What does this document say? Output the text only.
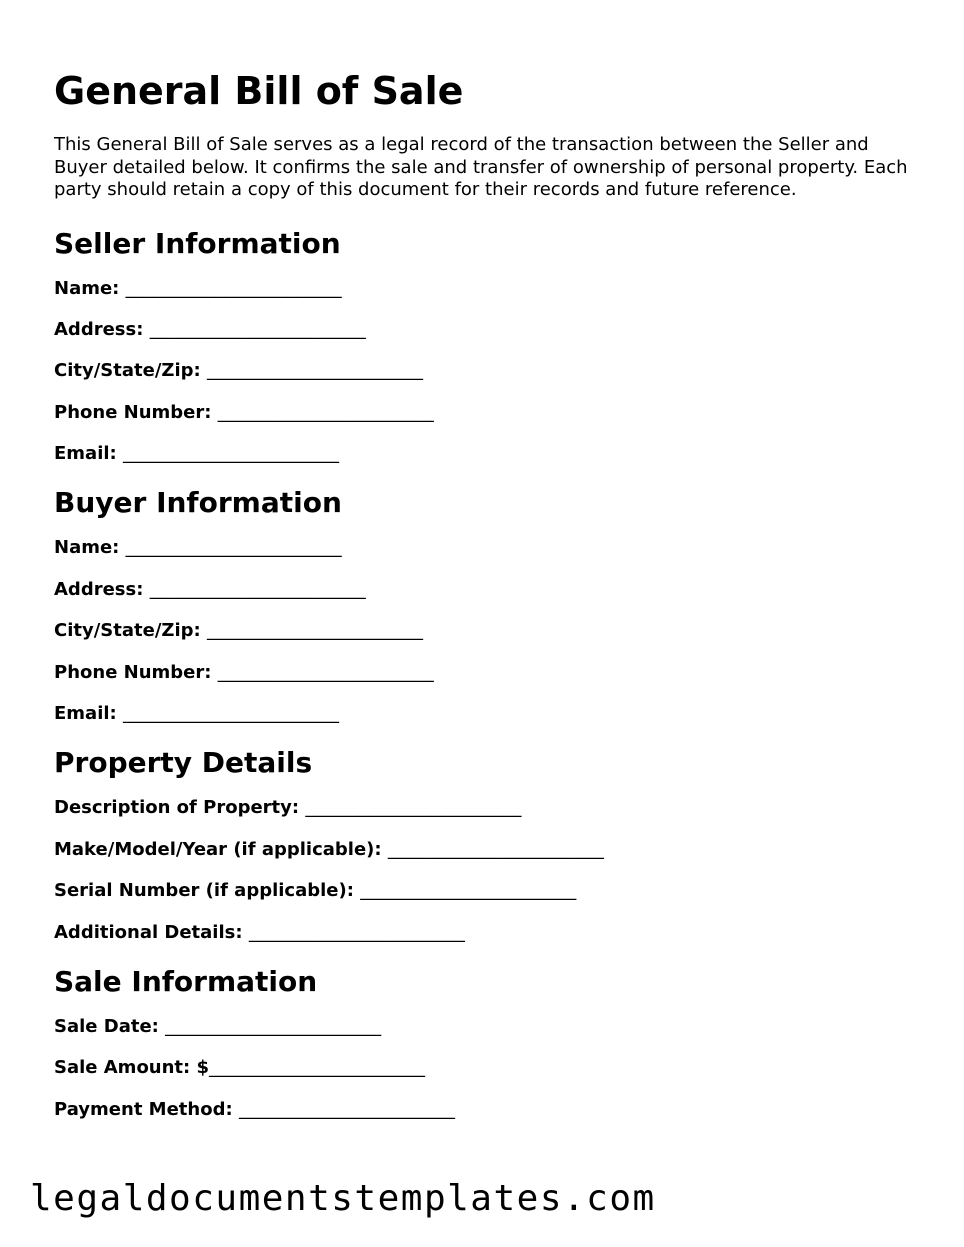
General Bill of Sale

This General Bill of Sale serves as a legal record of the transaction between the Seller and Buyer detailed below. It confirms the sale and transfer of ownership of personal property. Each party should retain a copy of this document for their records and future reference.

Seller Information
Name: ________________________
Address: ________________________
City/State/Zip: ________________________
Phone Number: ________________________
Email: ________________________
Buyer Information
Name: ________________________
Address: ________________________
City/State/Zip: ________________________
Phone Number: ________________________
Email: ________________________
Property Details
Description of Property: ________________________
Make/Model/Year (if applicable): ________________________
Serial Number (if applicable): ________________________
Additional Details: ________________________
Sale Information
Sale Date: ________________________
Sale Amount: $________________________
Payment Method: ________________________
legaldocumentstemplates.com
